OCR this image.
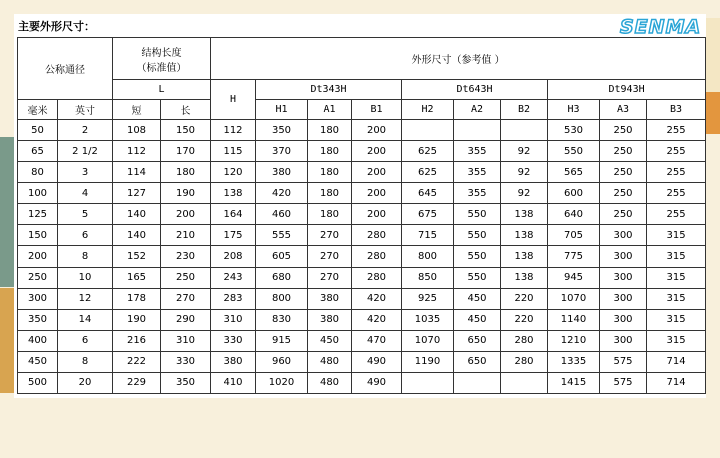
主要外形尺寸：	SENMA
公称通径		结构长度
（标准值）		外形尺寸（参考值 ）									
		L		H	Dt343H			Dt643H			Dt943H		
毫米	英寸	短	长		H1	A1	B1	H2	A2	B2	H3	A3	B3
50	2	108	150	112	350	180	200				530	250	255
65	2 1/2	112	170	115	370	180	200	625	355	92	550	250	255
80	3	114	180	120	380	180	200	625	355	92	565	250	255
100	4	127	190	138	420	180	200	645	355	92	600	250	255
125	5	140	200	164	460	180	200	675	550	138	640	250	255
150	6	140	210	175	555	270	280	715	550	138	705	300	315
200	8	152	230	208	605	270	280	800	550	138	775	300	315
250	10	165	250	243	680	270	280	850	550	138	945	300	315
300	12	178	270	283	800	380	420	925	450	220	1070	300	315
350	14	190	290	310	830	380	420	1035	450	220	1140	300	315
400	6	216	310	330	915	450	470	1070	650	280	1210	300	315
450	8	222	330	380	960	480	490	1190	650	280	1335	575	714
500	20	229	350	410	1020	480	490				1415	575	714
